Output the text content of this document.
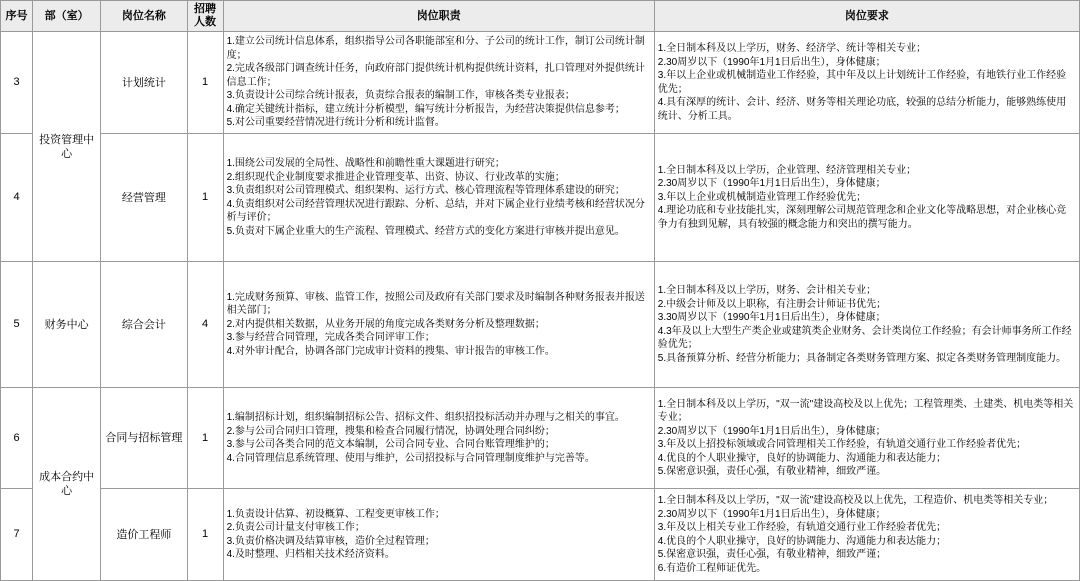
序号	部（室）	岗位名称	招聘人数	岗位职责	岗位要求
3	投资管理中心	计划统计	1	
1.建立公司统计信息体系，组织指导公司各职能部室和分、子公司的统计工作，制订公司统计制度；
2.完成各级部门调查统计任务，向政府部门提供统计机构提供统计资料，扎口管理对外提供统计信息工作；
3.负责设计公司综合统计报表，负责综合报表的编制工作，审核各类专业报表；
4.确定关键统计指标，建立统计分析模型，编写统计分析报告，为经营决策提供信息参考；
5.对公司重要经营情况进行统计分析和统计监督。

1.全日制本科及以上学历，财务、经济学、统计等相关专业；
2.30周岁以下（1990年1月1日后出生），身体健康；
3.年以上企业或机械制造业工作经验，其中年及以上计划统计工作经验，有地铁行业工作经验优先；
4.具有深厚的统计、会计、经济、财务等相关理论功底，较强的总结分析能力，能够熟练使用统计、分析工具。

4	经营管理	1	
1.围绕公司发展的全局性、战略性和前瞻性重大课题进行研究；
2.组织现代企业制度要求推进企业管理变革、出资、协议、行业改革的实施；
3.负责组织对公司管理模式、组织架构、运行方式、核心管理流程等管理体系建设的研究；
4.负责组织对公司经营管理状况进行跟踪、分析、总结，并对下属企业行业绩考核和经营状况分析与评价；
5.负责对下属企业重大的生产流程、管理模式、经营方式的变化方案进行审核并提出意见。

1.全日制本科及以上学历，企业管理、经济管理相关专业；
2.30周岁以下（1990年1月1日后出生），身体健康；
3.年以上企业或机械制造业管理工作经验优先；
4.理论功底和专业技能扎实，深刻理解公司规范管理念和企业文化等战略思想，对企业核心竞争力有独到见解，具有较强的概念能力和突出的撰写能力。

5	财务中心	综合会计	4	
1.完成财务预算、审核、监管工作，按照公司及政府有关部门要求及时编制各种财务报表并报送相关部门；
2.对内提供相关数据，从业务开展的角度完成各类财务分析及整理数据；
3.参与经营合同管理，完成各类合同评审工作；
4.对外审计配合，协调各部门完成审计资料的搜集、审计报告的审核工作。

1.全日制本科及以上学历，财务、会计相关专业；
2.中级会计师及以上职称，有注册会计师证书优先；
3.30周岁以下（1990年1月1日后出生），身体健康；
4.3年及以上大型生产类企业或建筑类企业财务、会计类岗位工作经验；有会计师事务所工作经验优先；
5.具备预算分析、经营分析能力；具备制定各类财务管理方案、拟定各类财务管理制度能力。

6	成本合约中心	合同与招标管理	1	
1.编制招标计划，组织编制招标公告、招标文件、组织招投标活动并办理与之相关的事宜。
2.参与公司合同归口管理，搜集和检查合同履行情况，协调处理合同纠纷；
3.参与公司各类合同的范文本编制，公司合同专业、合同台账管理维护的；
4.合同管理信息系统管理、使用与维护，公司招投标与合同管理制度维护与完善等。

1.全日制本科及以上学历，"双一流"建设高校及以上优先；工程管理类、土建类、机电类等相关专业；
2.30周岁以下（1990年1月1日后出生），身体健康；
3.年及以上招投标领域或合同管理相关工作经验，有轨道交通行业工作经验者优先；
4.优良的个人职业操守，良好的协调能力、沟通能力和表达能力；
5.保密意识强，责任心强，有敬业精神，细致严谨。

7	造价工程师	1	
1.负责设计估算、初设概算、工程变更审核工作；
2.负责公司计量支付审核工作；
3.负责价格决调及结算审核，造价全过程管理；
4.及时整理、归档相关技术经济资料。

1.全日制本科及以上学历，"双一流"建设高校及以上优先，工程造价、机电类等相关专业；
2.30周岁以下（1990年1月1日后出生），身体健康；
3.年及以上相关专业工作经验，有轨道交通行业工作经验者优先；
4.优良的个人职业操守，良好的协调能力、沟通能力和表达能力；
5.保密意识强，责任心强，有敬业精神，细致严谨；
6.有造价工程师证优先。
